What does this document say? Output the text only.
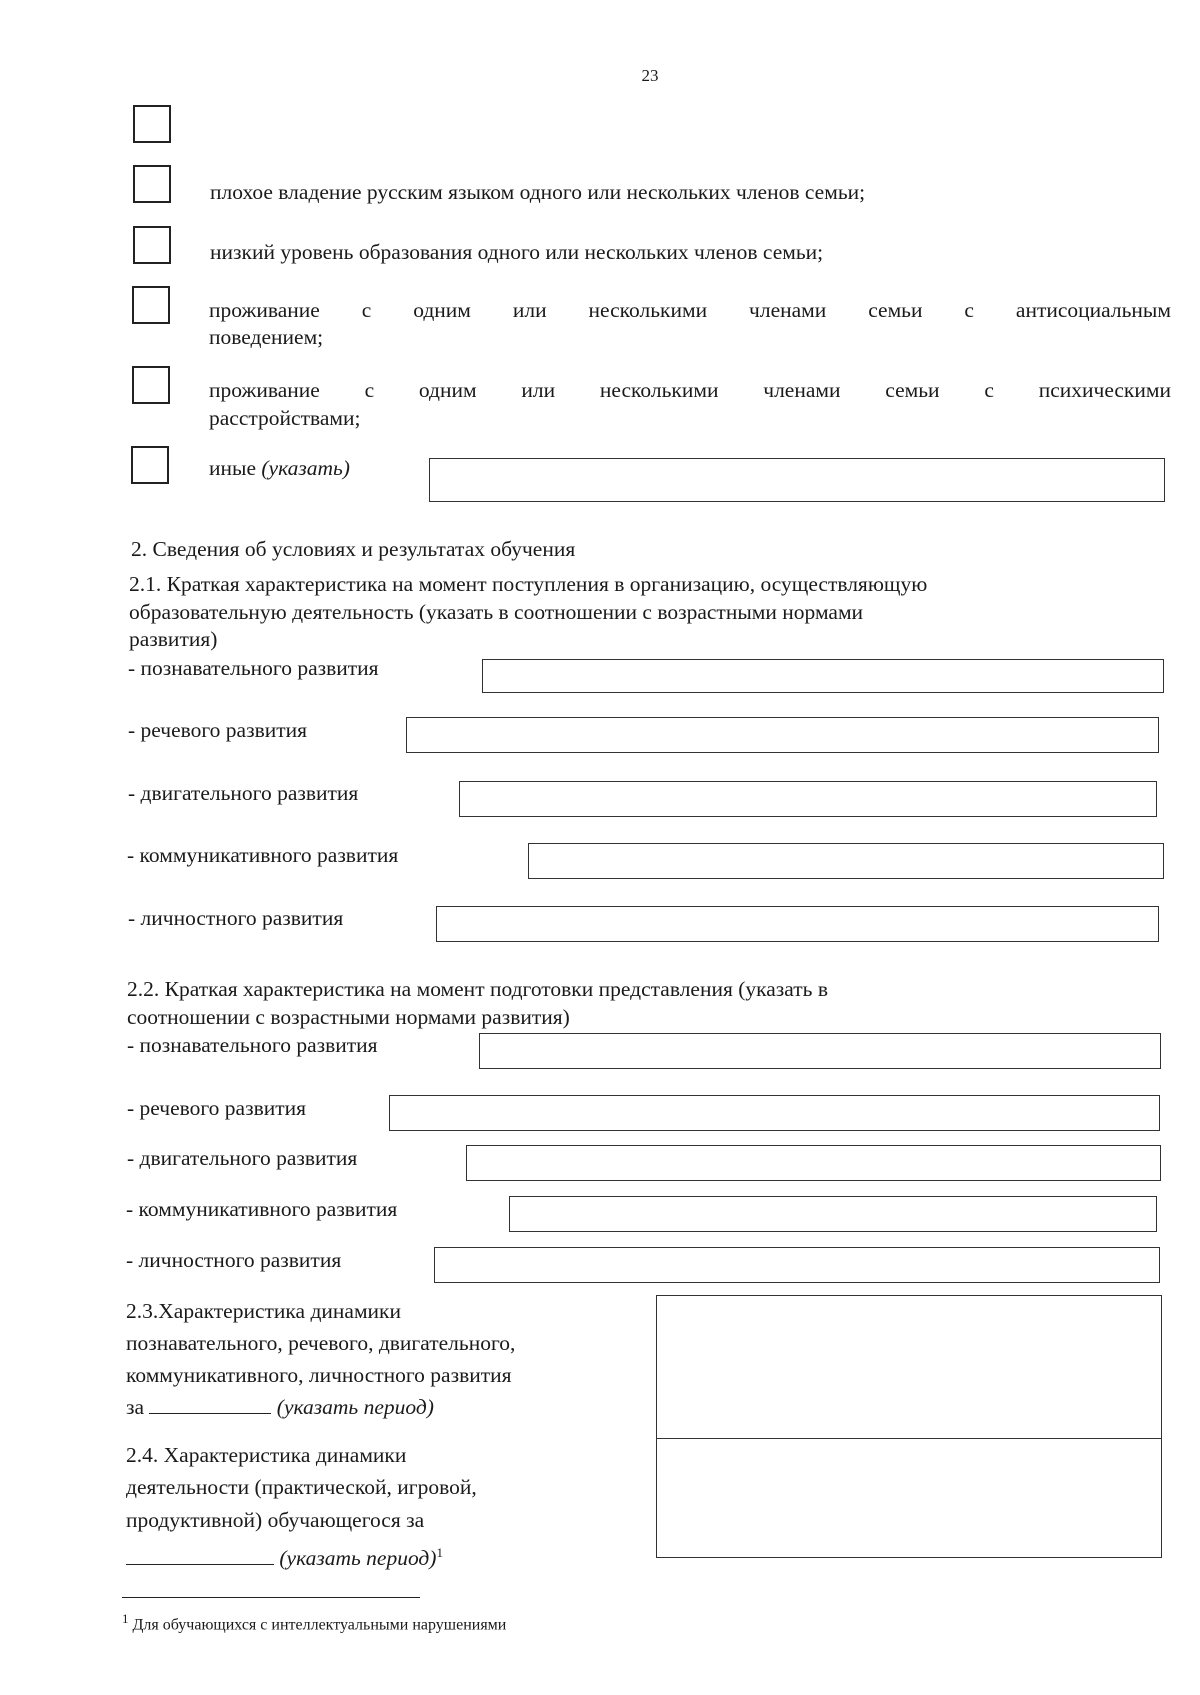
23
плохое владение русским языком одного или нескольких членов семьи;
низкий уровень образования одного или нескольких членов семьи;
проживание с одним или несколькими членами семьи с антисоциальным
поведением;
проживание с одним или несколькими членами семьи с психическими
расстройствами;
иные (указать)
2. Сведения об условиях и результатах обучения
2.1. Краткая характеристика на момент поступления в организацию, осуществляющую
образовательную деятельность (указать в соотношении с возрастными нормами
развития)
- познавательного развития
- речевого развития
- двигательного развития
- коммуникативного развития
- личностного развития
2.2. Краткая характеристика на момент подготовки представления (указать в
соотношении с возрастными нормами развития)
- познавательного развития
- речевого развития
- двигательного развития
- коммуникативного развития
- личностного развития
2.3.Характеристика динамики
познавательного, речевого, двигательного,
коммуникативного, личностного развития
за	(указать период)
2.4. Характеристика динамики
деятельности (практической, игровой,
продуктивной) обучающегося за
(указать период)$^1$
$^1$ Для обучающихся с интеллектуальными нарушениями
